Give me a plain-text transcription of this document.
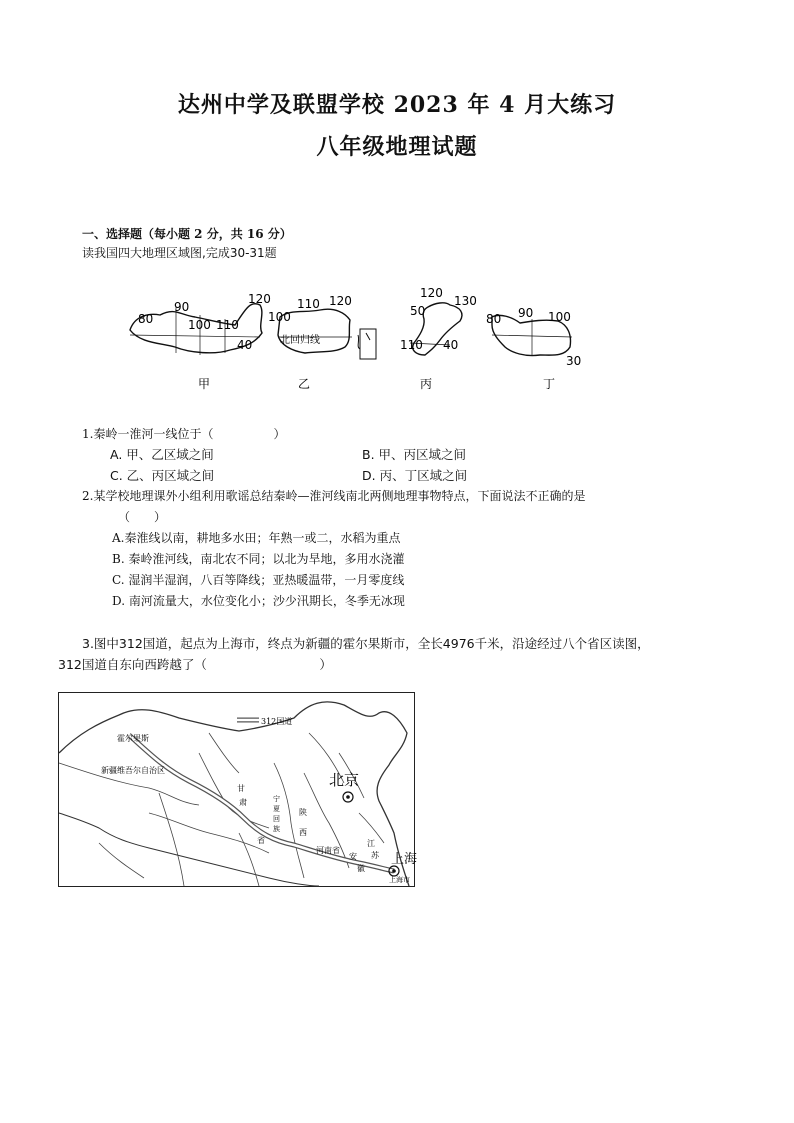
达州中学及联盟学校 2023 年 4 月大练习
八年级地理试题
一、选择题（每小题 2 分，共 16 分）
读我国四大地理区域图,完成30-31题
80
90
100 110
120
40
甲
110 120
100
北回归线
乙
120
130
50
110 40
丙
80 90 100
30
丁
1.秦岭一淮河一线位于（　　　　　）
A. 甲、乙区域之间	B. 甲、丙区域之间
C. 乙、丙区域之间	D. 丙、丁区域之间
2.某学校地理课外小组利用歌谣总结秦岭—淮河线南北两侧地理事物特点，下面说法不正确的是
（　　）
A.秦淮线以南，耕地多水田；年熟一或二，水稻为重点
B. 秦岭淮河线，南北农不同；以北为旱地，多用水浇灌
C. 湿润半湿润，八百等降线；亚热暖温带，一月零度线
D. 南河流量大，水位变化小；沙少汛期长，冬季无冰现
3.图中312国道，起点为上海市，终点为新疆的霍尔果斯市，全长4976千米，沿途经过八个省区读图，
312国道自东向西跨越了（　　　　　　　　　）
312国道
霍尔果斯
新疆维吾尔自治区
北京
上海
上海市
甘
肃
省
宁
夏
回
族
陕
西
河南省
江
苏
安
徽
